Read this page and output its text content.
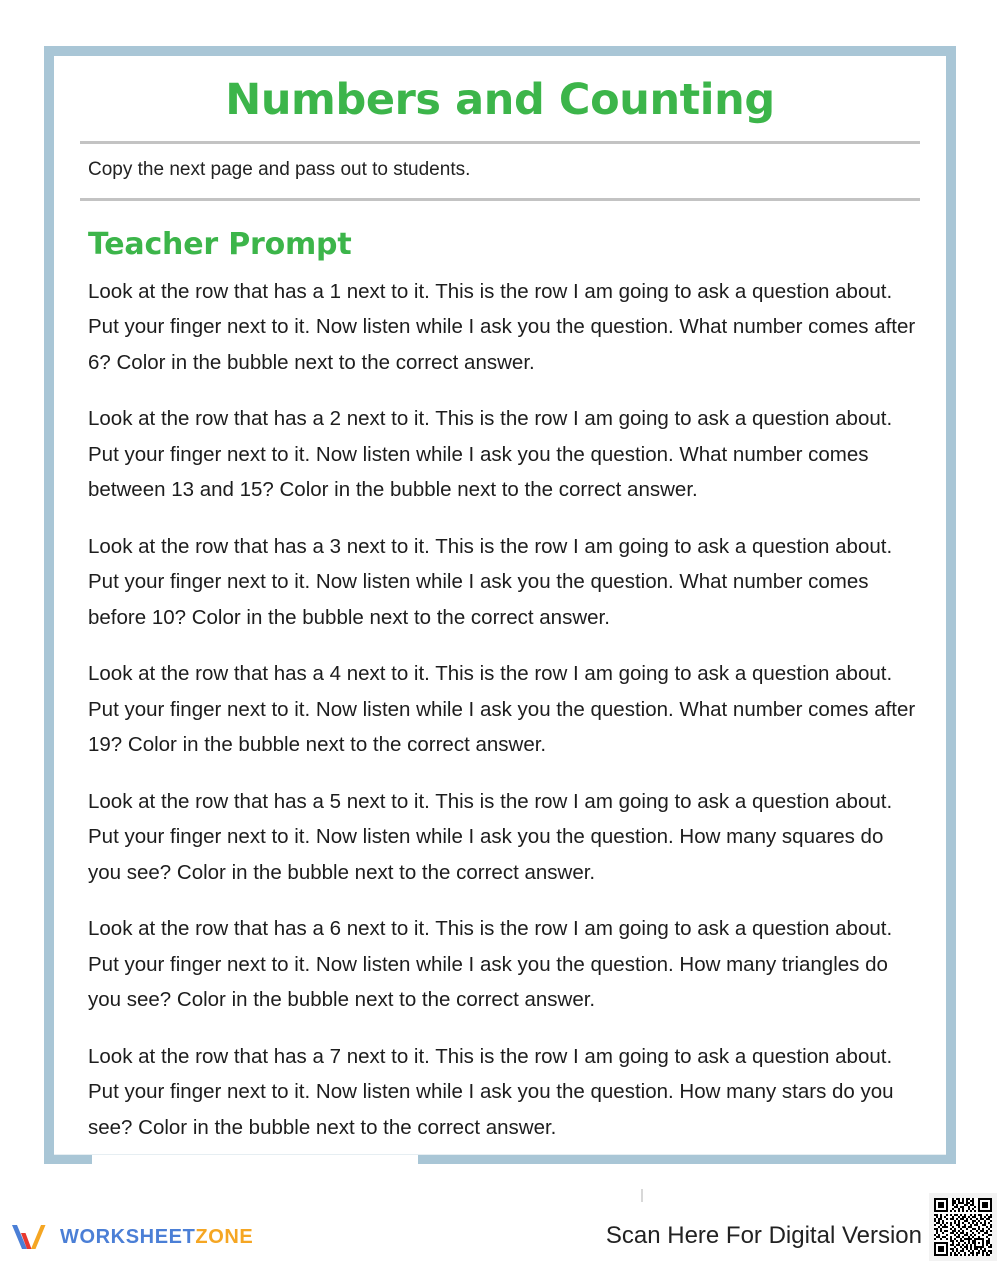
Numbers and Counting

Copy the next page and pass out to students.

Teacher Prompt

Look at the row that has a 1 next to it. This is the row I am going to ask a question about. Put your finger next to it. Now listen while I ask you the question. What number comes after 6? Color in the bubble next to the correct answer.

Look at the row that has a 2 next to it. This is the row I am going to ask a question about. Put your finger next to it. Now listen while I ask you the question. What number comes between 13 and 15? Color in the bubble next to the correct answer.

Look at the row that has a 3 next to it. This is the row I am going to ask a question about. Put your finger next to it. Now listen while I ask you the question. What number comes before 10? Color in the bubble next to the correct answer.

Look at the row that has a 4 next to it. This is the row I am going to ask a question about. Put your finger next to it. Now listen while I ask you the question. What number comes after 19? Color in the bubble next to the correct answer.

Look at the row that has a 5 next to it. This is the row I am going to ask a question about. Put your finger next to it. Now listen while I ask you the question. How many squares do you see? Color in the bubble next to the correct answer.

Look at the row that has a 6 next to it. This is the row I am going to ask a question about. Put your finger next to it. Now listen while I ask you the question. How many triangles do you see? Color in the bubble next to the correct answer.

Look at the row that has a 7 next to it. This is the row I am going to ask a question about. Put your finger next to it. Now listen while I ask you the question. How many stars do you see? Color in the bubble next to the correct answer.

WORKSHEETZONE	Scan Here For Digital Version
